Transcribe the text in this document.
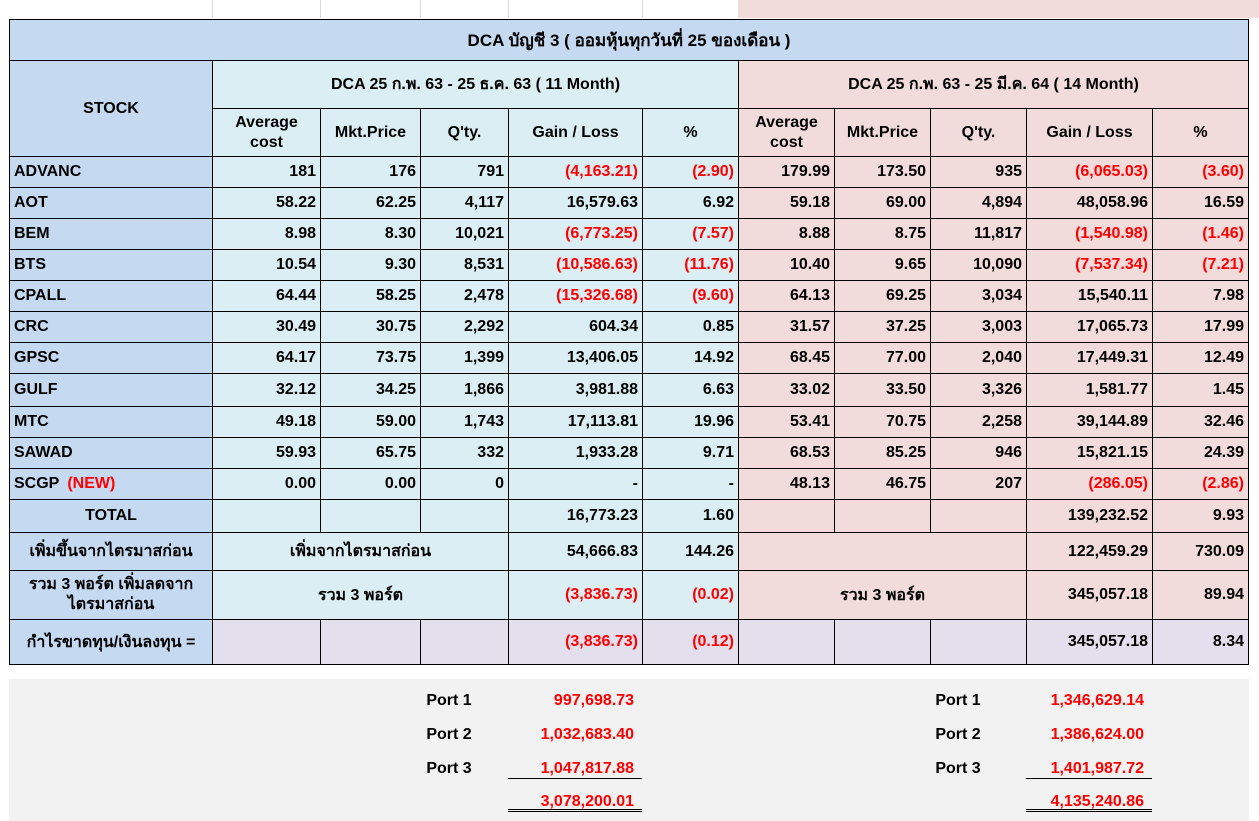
DCA บัญชี 3 ( ออมหุ้นทุกวันที่ 25 ของเดือน )										
STOCK	DCA 25 ก.พ. 63 - 25 ธ.ค. 63 ( 11 Month)					DCA 25 ก.พ. 63 - 25 มี.ค. 64 ( 14 Month)				
	Average cost	Mkt.Price	Q'ty.	Gain / Loss	%	Average cost	Mkt.Price	Q'ty.	Gain / Loss	%
ADVANC	181	176	791	(4,163.21)	(2.90)	179.99	173.50	935	(6,065.03)	(3.60)
AOT	58.22	62.25	4,117	16,579.63	6.92	59.18	69.00	4,894	48,058.96	16.59
BEM	8.98	8.30	10,021	(6,773.25)	(7.57)	8.88	8.75	11,817	(1,540.98)	(1.46)
BTS	10.54	9.30	8,531	(10,586.63)	(11.76)	10.40	9.65	10,090	(7,537.34)	(7.21)
CPALL	64.44	58.25	2,478	(15,326.68)	(9.60)	64.13	69.25	3,034	15,540.11	7.98
CRC	30.49	30.75	2,292	604.34	0.85	31.57	37.25	3,003	17,065.73	17.99
GPSC	64.17	73.75	1,399	13,406.05	14.92	68.45	77.00	2,040	17,449.31	12.49
GULF	32.12	34.25	1,866	3,981.88	6.63	33.02	33.50	3,326	1,581.77	1.45
MTC	49.18	59.00	1,743	17,113.81	19.96	53.41	70.75	2,258	39,144.89	32.46
SAWAD	59.93	65.75	332	1,933.28	9.71	68.53	85.25	946	15,821.15	24.39
SCGP (NEW)	0.00	0.00	0	-	-	48.13	46.75	207	(286.05)	(2.86)
TOTAL				16,773.23	1.60				139,232.52	9.93
เพิ่มขึ้นจากไตรมาสก่อน	เพิ่มจากไตรมาสก่อน			54,666.83	144.26				122,459.29	730.09
รวม 3 พอร์ต เพิ่มลดจาก ไตรมาสก่อน	รวม 3 พอร์ต			(3,836.73)	(0.02)	รวม 3 พอร์ต			345,057.18	89.94
กำไรขาดทุน/เงินลงทุน =				(3,836.73)	(0.12)				345,057.18	8.34
Port 1	997,698.73
Port 2	1,032,683.40
Port 3	1,047,817.88
3,078,200.01
Port 1	1,346,629.14
Port 2	1,386,624.00
Port 3	1,401,987.72
4,135,240.86
